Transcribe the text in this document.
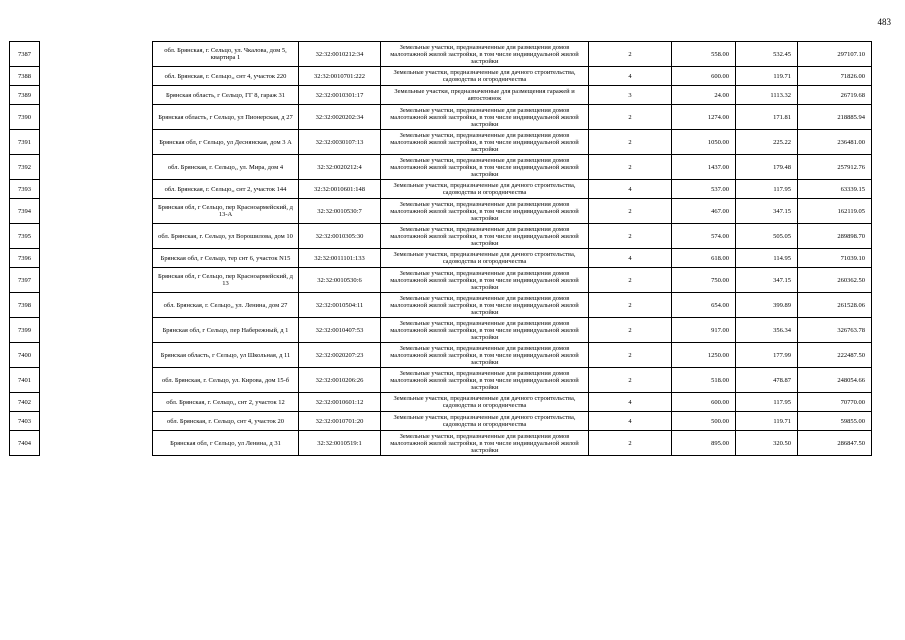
483
7387		обл. Брянская, г. Сельцо, ул. Чкалова, дом 5, квартира 1	32:32:0010212:34	Земельные участки, предназначенные для размещения домов малоэтажной жилой застройки, в том числе индивидуальной жилой застройки	2	558.00	532.45	297107.10
7388		обл. Брянская, г. Сельцо,, снт 4, участок 220	32:32:0010701:222	Земельные участки, предназначенные для дачного строительства, садоводства и огородничества	4	600.00	119.71	71826.00
7389		Брянская область, г Сельцо, ГГ 8, гараж 31	32:32:0010301:17	Земельные участки, предназначенные для размещения гаражей и автостоянок	3	24.00	1113.32	26719.68
7390		Брянская область, г Сельцо, ул Пионерская, д 27	32:32:0020202:34	Земельные участки, предназначенные для размещения домов малоэтажной жилой застройки, в том числе индивидуальной жилой застройки	2	1274.00	171.81	218885.94
7391		Брянская обл, г Сельцо, ул Деснянская, дом 3 А	32:32:0030107:13	Земельные участки, предназначенные для размещения домов малоэтажной жилой застройки, в том числе индивидуальной жилой застройки	2	1050.00	225.22	236481.00
7392		обл. Брянская, г. Сельцо,, ул. Мира, дом 4	32:32:0020212:4	Земельные участки, предназначенные для размещения домов малоэтажной жилой застройки, в том числе индивидуальной жилой застройки	2	1437.00	179.48	257912.76
7393		обл. Брянская, г. Сельцо,, снт 2, участок 144	32:32:0010601:148	Земельные участки, предназначенные для дачного строительства, садоводства и огородничества	4	537.00	117.95	63339.15
7394		Брянская обл, г Сельцо, пер Красноармейский, д 13-А	32:32:0010530:7	Земельные участки, предназначенные для размещения домов малоэтажной жилой застройки, в том числе индивидуальной жилой застройки	2	467.00	347.15	162119.05
7395		обл. Брянская, г. Сельцо, ул Ворошилова, дом 10	32:32:0010305:30	Земельные участки, предназначенные для размещения домов малоэтажной жилой застройки, в том числе индивидуальной жилой застройки	2	574.00	505.05	289898.70
7396		Брянская обл, г Сельцо, тер снт 6, участок N15	32:32:0011101:133	Земельные участки, предназначенные для дачного строительства, садоводства и огородничества	4	618.00	114.95	71039.10
7397		Брянская обл, г Сельцо, пер Красноармейский, д 13	32:32:0010530:6	Земельные участки, предназначенные для размещения домов малоэтажной жилой застройки, в том числе индивидуальной жилой застройки	2	750.00	347.15	260362.50
7398		обл. Брянская, г. Сельцо,, ул. Ленина, дом 27	32:32:0010504:11	Земельные участки, предназначенные для размещения домов малоэтажной жилой застройки, в том числе индивидуальной жилой застройки	2	654.00	399.89	261528.06
7399		Брянская обл, г Сельцо, пер Набережный, д 1	32:32:0010407:53	Земельные участки, предназначенные для размещения домов малоэтажной жилой застройки, в том числе индивидуальной жилой застройки	2	917.00	356.34	326763.78
7400		Брянская область, г Сельцо, ул Школьная, д 11	32:32:0020207:23	Земельные участки, предназначенные для размещения домов малоэтажной жилой застройки, в том числе индивидуальной жилой застройки	2	1250.00	177.99	222487.50
7401		обл. Брянская, г. Сельцо, ул. Кирова, дом 15-б	32:32:0010206:26	Земельные участки, предназначенные для размещения домов малоэтажной жилой застройки, в том числе индивидуальной жилой застройки	2	518.00	478.87	248054.66
7402		обл. Брянская, г. Сельцо,, снт 2, участок 12	32:32:0010601:12	Земельные участки, предназначенные для дачного строительства, садоводства и огородничества	4	600.00	117.95	70770.00
7403		обл. Брянская, г. Сельцо, снт 4, участок 20	32:32:0010701:20	Земельные участки, предназначенные для дачного строительства, садоводства и огородничества	4	500.00	119.71	59855.00
7404		Брянская обл, г Сельцо, ул Ленина, д 31	32:32:0010519:1	Земельные участки, предназначенные для размещения домов малоэтажной жилой застройки, в том числе индивидуальной жилой застройки	2	895.00	320.50	286847.50
